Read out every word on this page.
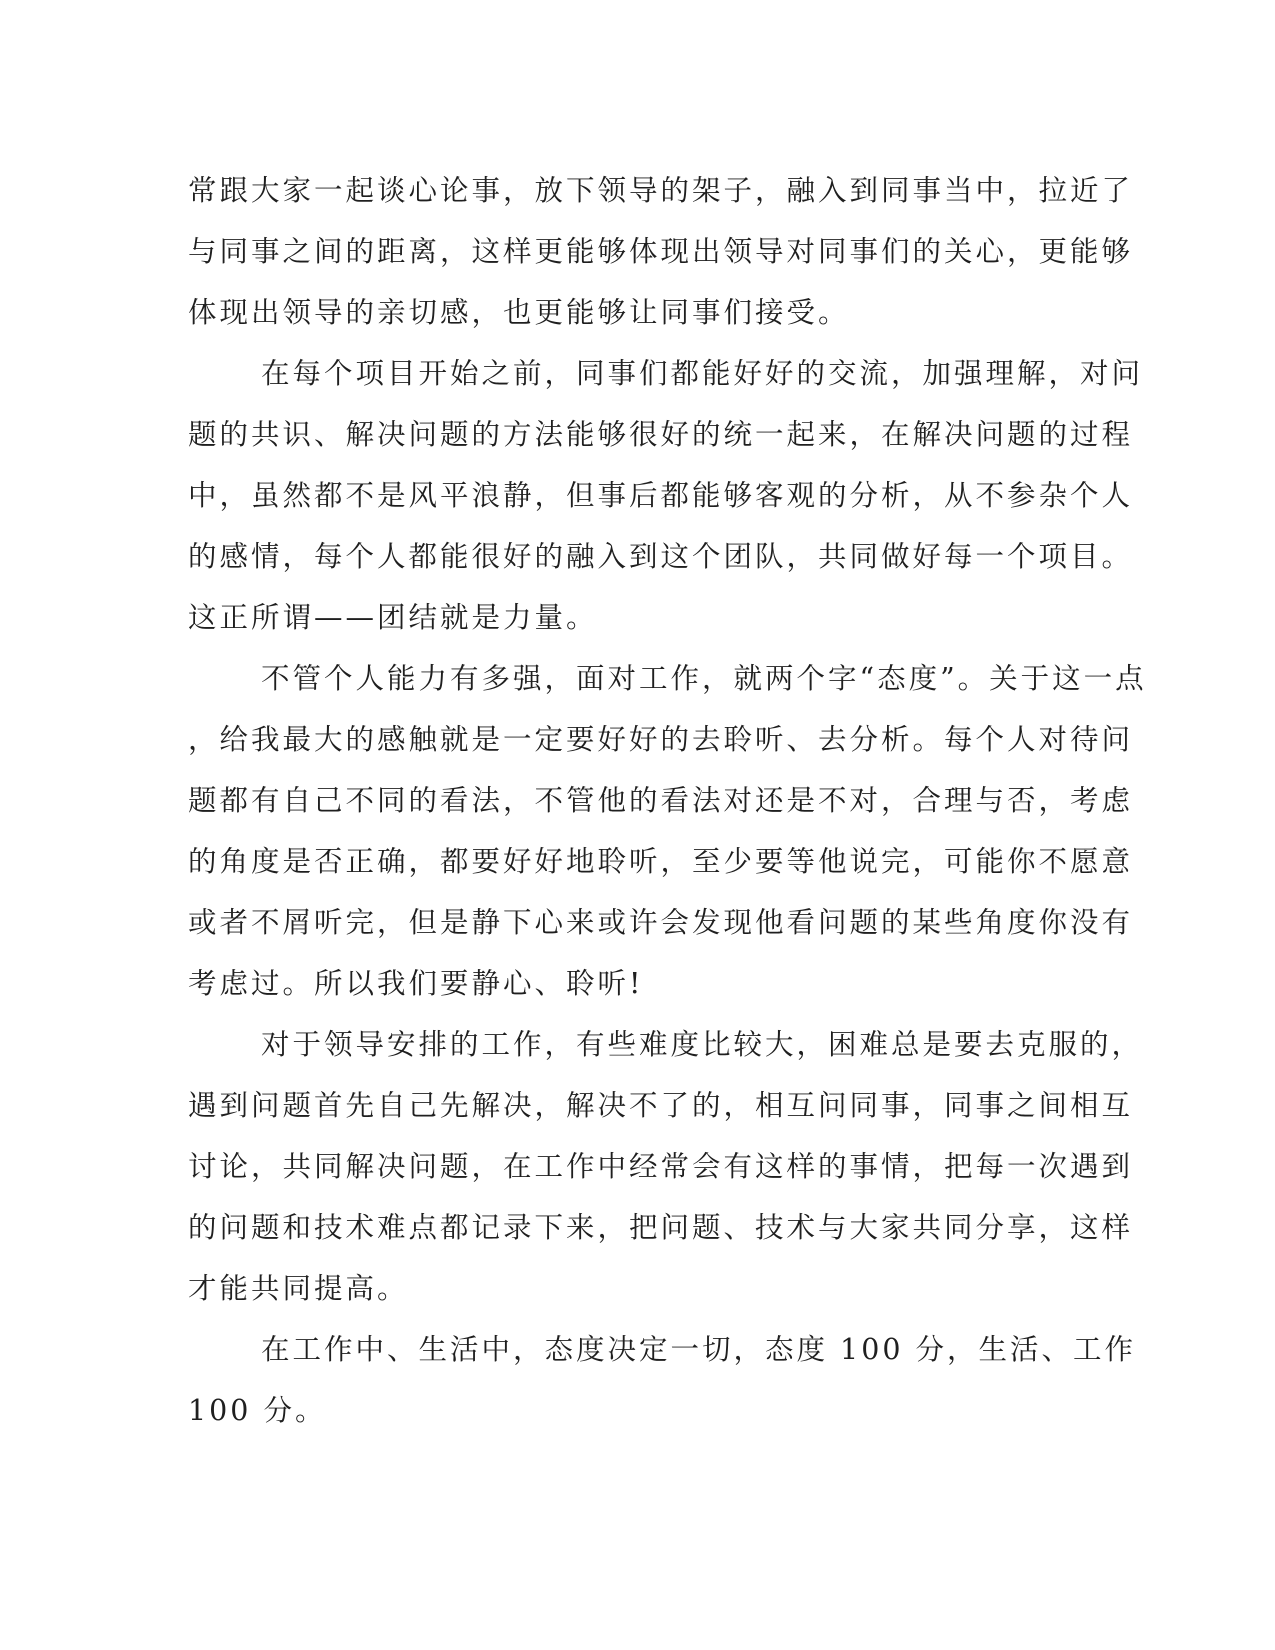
常跟大家一起谈心论事，放下领导的架子，融入到同事当中，拉近了
与同事之间的距离，这样更能够体现出领导对同事们的关心，更能够
体现出领导的亲切感，也更能够让同事们接受。
在每个项目开始之前，同事们都能好好的交流，加强理解，对问
题的共识、解决问题的方法能够很好的统一起来，在解决问题的过程
中，虽然都不是风平浪静，但事后都能够客观的分析，从不参杂个人
的感情，每个人都能很好的融入到这个团队，共同做好每一个项目。
这正所谓——团结就是力量。
不管个人能力有多强，面对工作，就两个字“态度”。关于这一点
，给我最大的感触就是一定要好好的去聆听、去分析。每个人对待问
题都有自己不同的看法，不管他的看法对还是不对，合理与否，考虑
的角度是否正确，都要好好地聆听，至少要等他说完，可能你不愿意
或者不屑听完，但是静下心来或许会发现他看问题的某些角度你没有
考虑过。所以我们要静心、聆听!
对于领导安排的工作，有些难度比较大，困难总是要去克服的，
遇到问题首先自己先解决，解决不了的，相互问同事，同事之间相互
讨论，共同解决问题，在工作中经常会有这样的事情，把每一次遇到
的问题和技术难点都记录下来，把问题、技术与大家共同分享，这样
才能共同提高。
在工作中、生活中，态度决定一切，态度 100 分，生活、工作
100 分。
